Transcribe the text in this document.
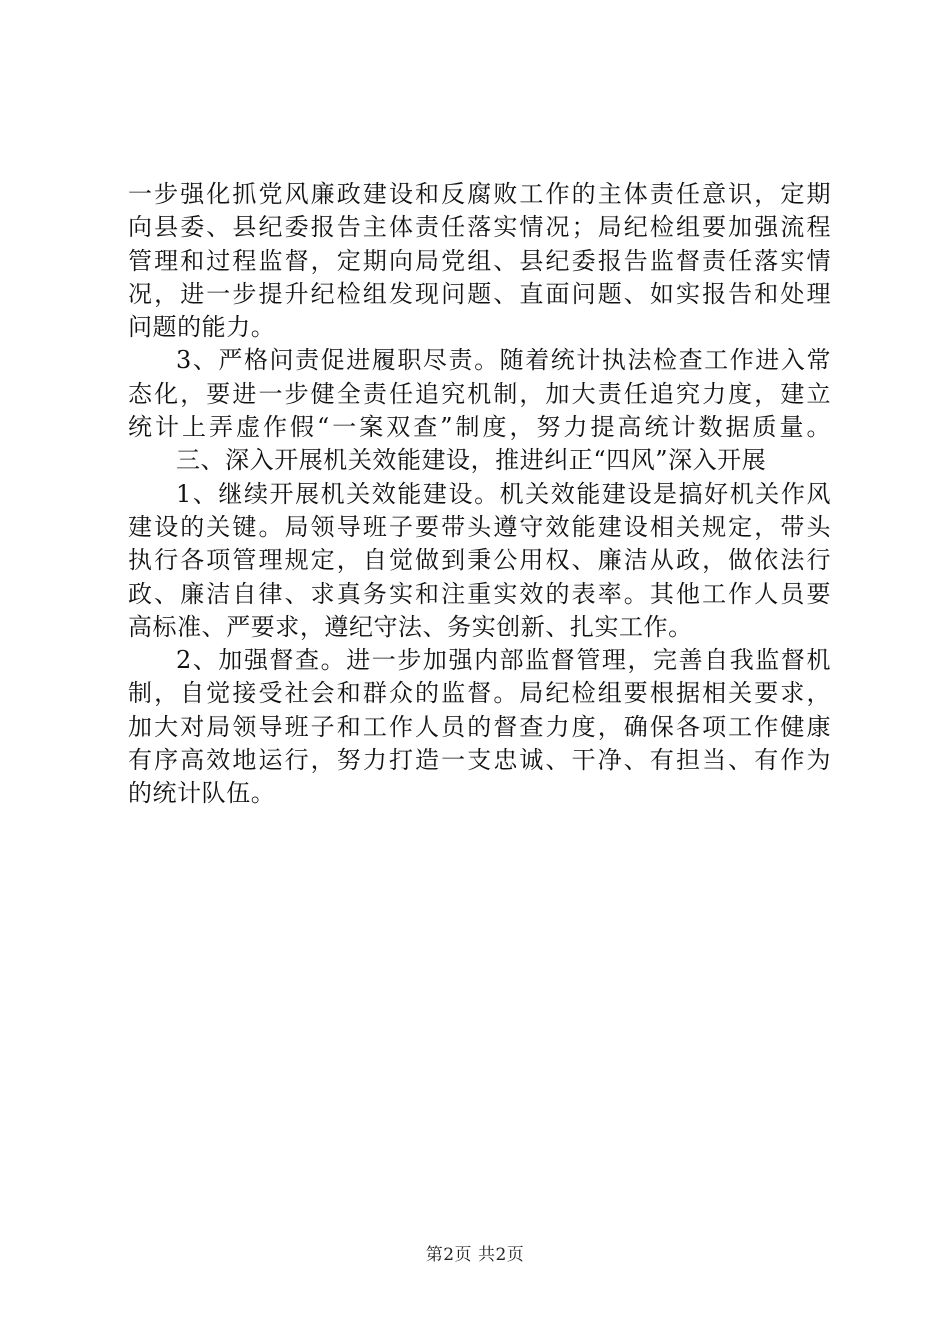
一步强化抓党风廉政建设和反腐败工作的主体责任意识，定期
向县委、县纪委报告主体责任落实情况；局纪检组要加强流程
管理和过程监督，定期向局党组、县纪委报告监督责任落实情
况，进一步提升纪检组发现问题、直面问题、如实报告和处理
问题的能力。
3、严格问责促进履职尽责。随着统计执法检查工作进入常
态化，要进一步健全责任追究机制，加大责任追究力度，建立
统计上弄虚作假“一案双查”制度，努力提高统计数据质量。
三、深入开展机关效能建设，推进纠正“四风”深入开展
1、继续开展机关效能建设。机关效能建设是搞好机关作风
建设的关键。局领导班子要带头遵守效能建设相关规定，带头
执行各项管理规定，自觉做到秉公用权、廉洁从政，做依法行
政、廉洁自律、求真务实和注重实效的表率。其他工作人员要
高标准、严要求，遵纪守法、务实创新、扎实工作。
2、加强督查。进一步加强内部监督管理，完善自我监督机
制，自觉接受社会和群众的监督。局纪检组要根据相关要求，
加大对局领导班子和工作人员的督查力度，确保各项工作健康
有序高效地运行，努力打造一支忠诚、干净、有担当、有作为
的统计队伍。
第2页 共2页
